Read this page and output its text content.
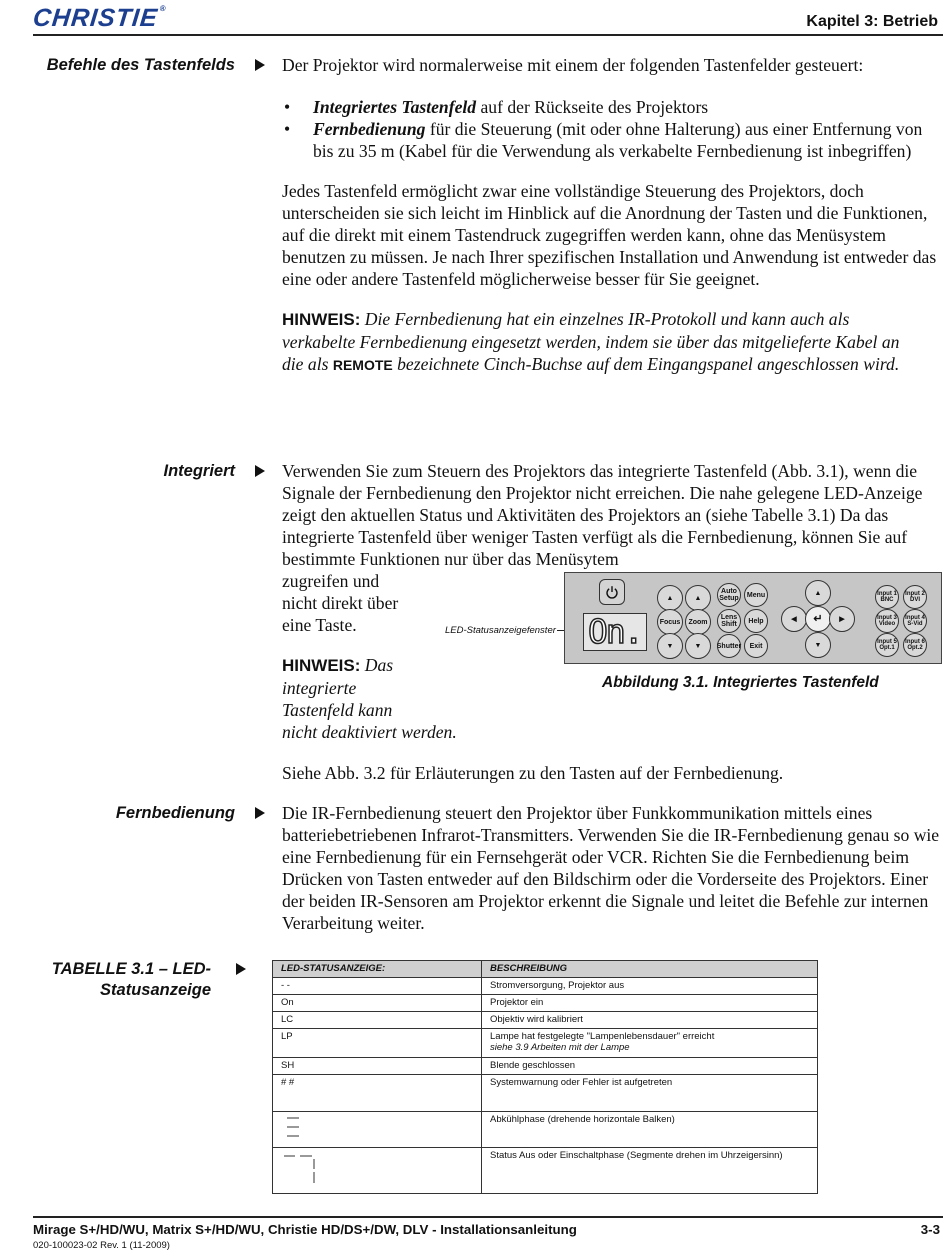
CHRISTIE®
Kapitel 3: Betrieb
Befehle des Tastenfelds	Der Projektor wird normalerweise mit einem der folgenden Tastenfelder gesteuert:

• Integriertes Tastenfeld auf der Rückseite des Projektors
• Fernbedienung für die Steuerung (mit oder ohne Halterung) aus einer Entfernung von bis zu 35 m (Kabel für die Verwendung als verkabelte Fernbedienung ist inbegriffen)

Jedes Tastenfeld ermöglicht zwar eine vollständige Steuerung des Projektors, doch unterscheiden sie sich leicht im Hinblick auf die Anordnung der Tasten und die Funktionen, auf die direkt mit einem Tastendruck zugegriffen werden kann, ohne das Menüsystem benutzen zu müssen. Je nach Ihrer spezifischen Installation und Anwendung ist entweder das eine oder andere Tastenfeld möglicherweise besser für Sie geeignet.

HINWEIS: Die Fernbedienung hat ein einzelnes IR-Protokoll und kann auch als verkabelte Fernbedienung eingesetzt werden, indem sie über das mitgelieferte Kabel an die als REMOTE bezeichnete Cinch-Buchse auf dem Eingangspanel angeschlossen wird.

Integriert	Verwenden Sie zum Steuern des Projektors das integrierte Tastenfeld (Abb. 3.1), wenn die Signale der Fernbedienung den Projektor nicht erreichen. Die nahe gelegene LED-Anzeige zeigt den aktuellen Status und Aktivitäten des Projektors an (siehe Tabelle 3.1) Da das integrierte Tastenfeld über weniger Tasten verfügt als die Fernbedienung, können Sie auf bestimmte Funktionen nur über das Menüsytem
zugreifen und
nicht direkt über
eine Taste.
HINWEIS: Das
integrierte
Tastenfeld kann
nicht deaktiviert werden.
Siehe Abb. 3.2 für Erläuterungen zu den Tasten auf der Fernbedienung.
LED-Statusanzeigefenster On.
▲	▲
Focus Zoom
▼	▼
Auto Setup Menu
Lens Shift	Help
Shutter Exit
▲
◀ ↵ ▶
▼
Input 1 BNC
Input 2 DVI
Input 3 Video
Input 4 S-Vid
Input 5 Opt.1
Input 6 Opt.2
Abbildung 3.1. Integriertes Tastenfeld
Fernbedienung	Die IR-Fernbedienung steuert den Projektor über Funkkommunikation mittels eines batteriebetriebenen Infrarot-Transmitters. Verwenden Sie die IR-Fernbedienung genau so wie eine Fernbedienung für ein Fernsehgerät oder VCR. Richten Sie die Fernbedienung beim Drücken von Tasten entweder auf den Bildschirm oder die Vorderseite des Projektors. Einer der beiden IR-Sensoren am Projektor erkennt die Signale und leitet die Befehle zur internen Verarbeitung weiter.
TABELLE 3.1 – LED-
Statusanzeige
LED-STATUSANZEIGE:	BESCHREIBUNG
- -	Stromversorgung, Projektor aus
On	Projektor ein
LC	Objektiv wird kalibriert
LP	Lampe hat festgelegte "Lampenlebensdauer" erreicht
siehe 3.9 Arbeiten mit der Lampe

SH	Blende geschlossen
# #	Systemwarnung oder Fehler ist aufgetreten
	Abkühlphase (drehende horizontale Balken)
	Status Aus oder Einschaltphase (Segmente drehen im Uhrzeigersinn)
Mirage S+/HD/WU, Matrix S+/HD/WU, Christie HD/DS+/DW, DLV - Installationsanleitung	3-3
020-100023-02 Rev. 1 (11-2009)
